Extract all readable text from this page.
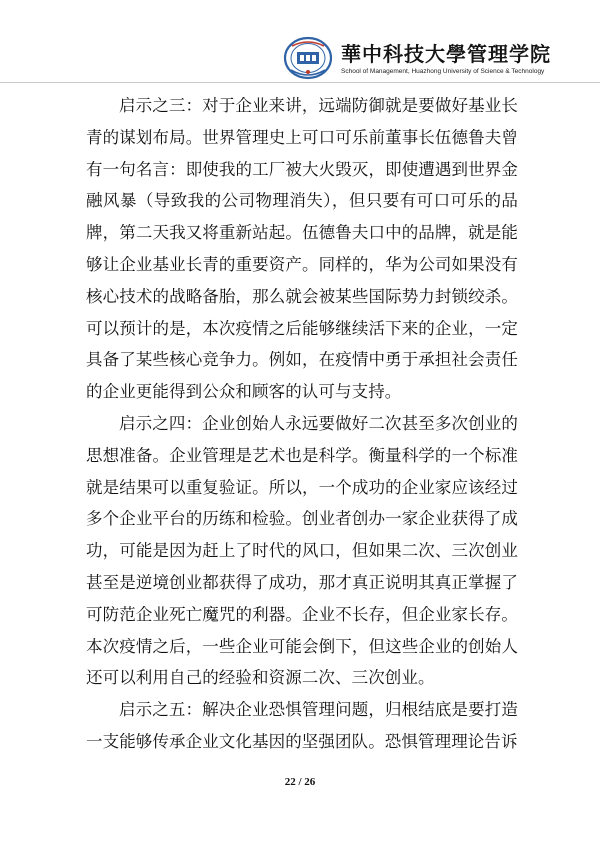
華中科技大學管理学院
School of Management, Huazhong University of Science & Technology

启示之三：对于企业来讲，远端防御就是要做好基业长青的谋划布局。世界管理史上可口可乐前董事长伍德鲁夫曾有一句名言：即使我的工厂被大火毁灭，即使遭遇到世界金融风暴（导致我的公司物理消失），但只要有可口可乐的品牌，第二天我又将重新站起。伍德鲁夫口中的品牌，就是能够让企业基业长青的重要资产。同样的，华为公司如果没有核心技术的战略备胎，那么就会被某些国际势力封锁绞杀。可以预计的是，本次疫情之后能够继续活下来的企业，一定具备了某些核心竞争力。例如，在疫情中勇于承担社会责任的企业更能得到公众和顾客的认可与支持。

启示之四：企业创始人永远要做好二次甚至多次创业的思想准备。企业管理是艺术也是科学。衡量科学的一个标准就是结果可以重复验证。所以，一个成功的企业家应该经过多个企业平台的历练和检验。创业者创办一家企业获得了成功，可能是因为赶上了时代的风口，但如果二次、三次创业甚至是逆境创业都获得了成功，那才真正说明其真正掌握了可防范企业死亡魔咒的利器。企业不长存，但企业家长存。本次疫情之后，一些企业可能会倒下，但这些企业的创始人还可以利用自己的经验和资源二次、三次创业。

启示之五：解决企业恐惧管理问题，归根结底是要打造一支能够传承企业文化基因的坚强团队。恐惧管理理论告诉

22 / 26
